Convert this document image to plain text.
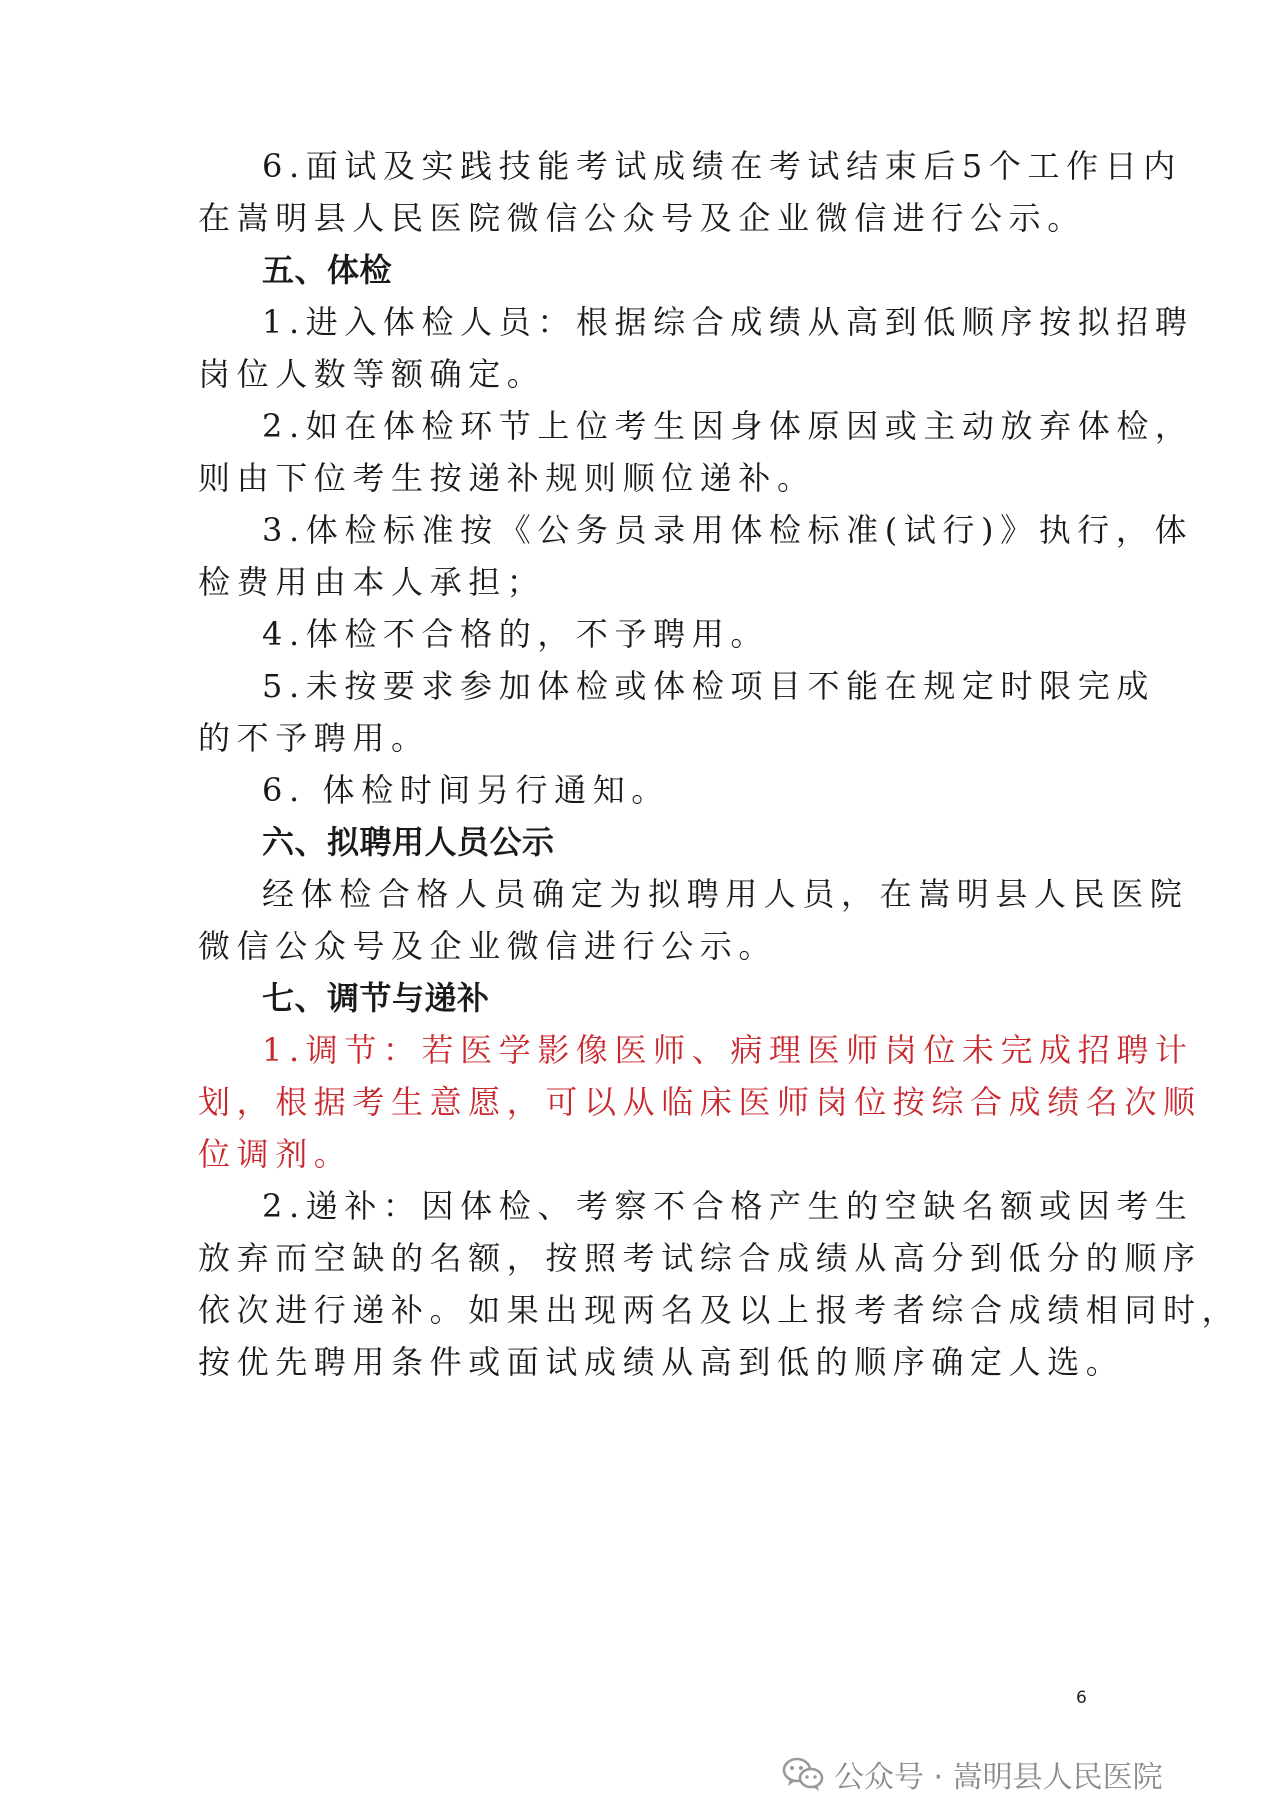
6.面试及实践技能考试成绩在考试结束后5个工作日内
在嵩明县人民医院微信公众号及企业微信进行公示。
五、体检
1.进入体检人员：根据综合成绩从高到低顺序按拟招聘
岗位人数等额确定。
2.如在体检环节上位考生因身体原因或主动放弃体检，
则由下位考生按递补规则顺位递补。
3.体检标准按《公务员录用体检标准(试行)》执行，体
检费用由本人承担；
4.体检不合格的，不予聘用。
5.未按要求参加体检或体检项目不能在规定时限完成
的不予聘用。
6. 体检时间另行通知。
六、拟聘用人员公示
经体检合格人员确定为拟聘用人员，在嵩明县人民医院
微信公众号及企业微信进行公示。
七、调节与递补
1.调节：若医学影像医师、病理医师岗位未完成招聘计
划，根据考生意愿，可以从临床医师岗位按综合成绩名次顺
位调剂。
2.递补：因体检、考察不合格产生的空缺名额或因考生
放弃而空缺的名额，按照考试综合成绩从高分到低分的顺序
依次进行递补。如果出现两名及以上报考者综合成绩相同时，
按优先聘用条件或面试成绩从高到低的顺序确定人选。
6
公众号 · 嵩明县人民医院
